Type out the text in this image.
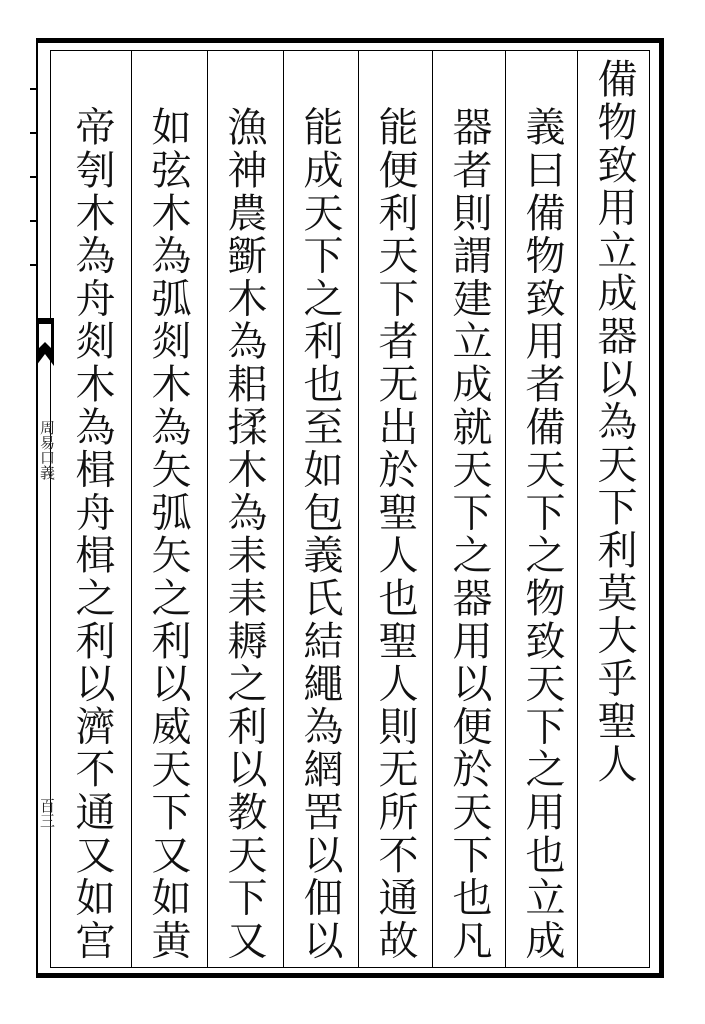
周易口義
百三
備物致用立成器以為天下利莫大乎聖人
義曰備物致用者備天下之物致天下之用也立成
器者則謂建立成就天下之器用以便於天下也凡
能便利天下者无出於聖人也聖人則无所不通故
能成天下之利也至如包義氏結繩為網罟以佃以
漁神農斵木為耜揉木為耒耒耨之利以教天下又
如弦木為弧剡木為矢弧矢之利以威天下又如黄
帝刳木為舟剡木為楫舟楫之利以濟不通又如宫
